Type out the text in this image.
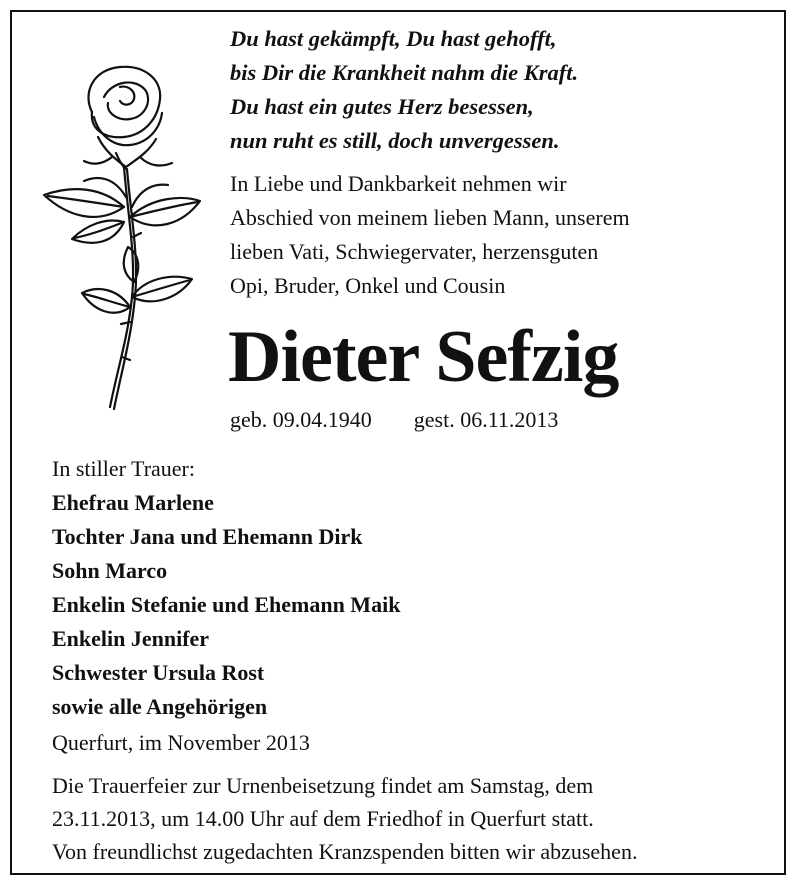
Du hast gekämpft, Du hast gehofft,
bis Dir die Krankheit nahm die Kraft.
Du hast ein gutes Herz besessen,
nun ruht es still, doch unvergessen.
In Liebe und Dankbarkeit nehmen wir
Abschied von meinem lieben Mann, unserem
lieben Vati, Schwiegervater, herzensguten
Opi, Bruder, Onkel und Cousin
Dieter Sefzig
geb. 09.04.1940 gest. 06.11.2013
In stiller Trauer:
Ehefrau Marlene
Tochter Jana und Ehemann Dirk
Sohn Marco
Enkelin Stefanie und Ehemann Maik
Enkelin Jennifer
Schwester Ursula Rost
sowie alle Angehörigen
Querfurt, im November 2013
Die Trauerfeier zur Urnenbeisetzung findet am Samstag, dem
23.11.2013, um 14.00 Uhr auf dem Friedhof in Querfurt statt.
Von freundlichst zugedachten Kranzspenden bitten wir abzusehen.
